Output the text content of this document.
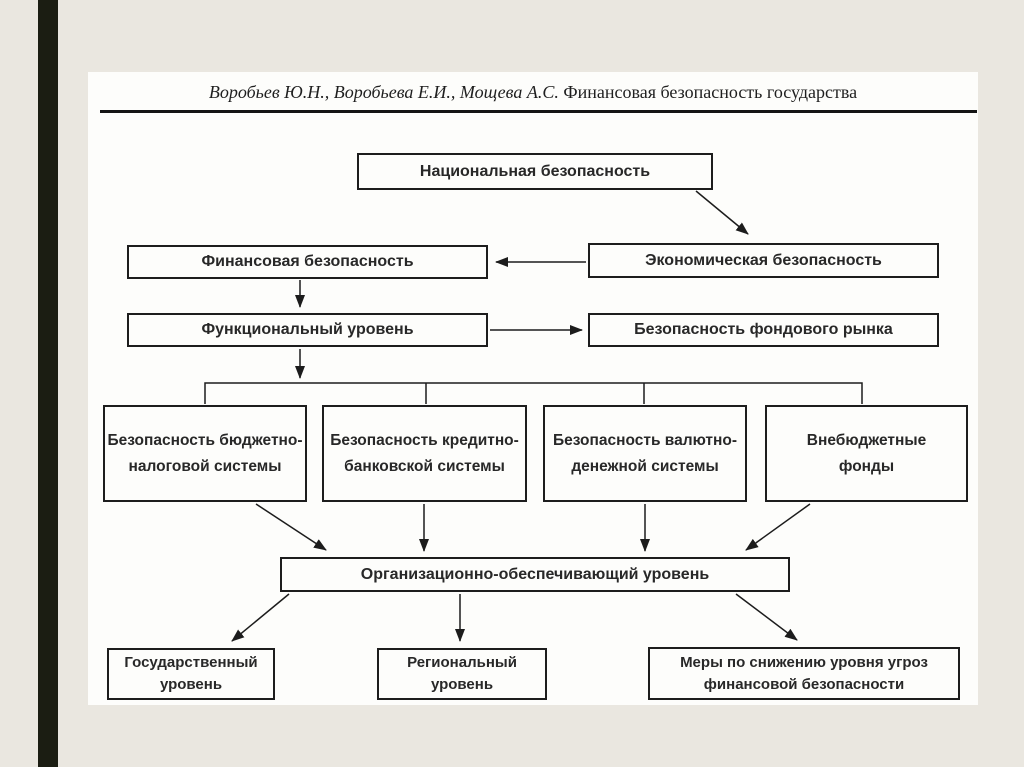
Воробьев Ю.Н., Воробьева Е.И., Мощева А.С. Финансовая безопасность государства
Национальная безопасность
Финансовая безопасность	Экономическая безопасность
Функциональный уровень	Безопасность фондового рынка
Безопасность бюджетно-налоговой системы
Безопасность кредитно-банковской системы
Безопасность валютно-денежной системы
Внебюджетные фонды
Организационно-обеспечивающий уровень
Государственный уровень
Региональный уровень
Меры по снижению уровня угроз финансовой безопасности
